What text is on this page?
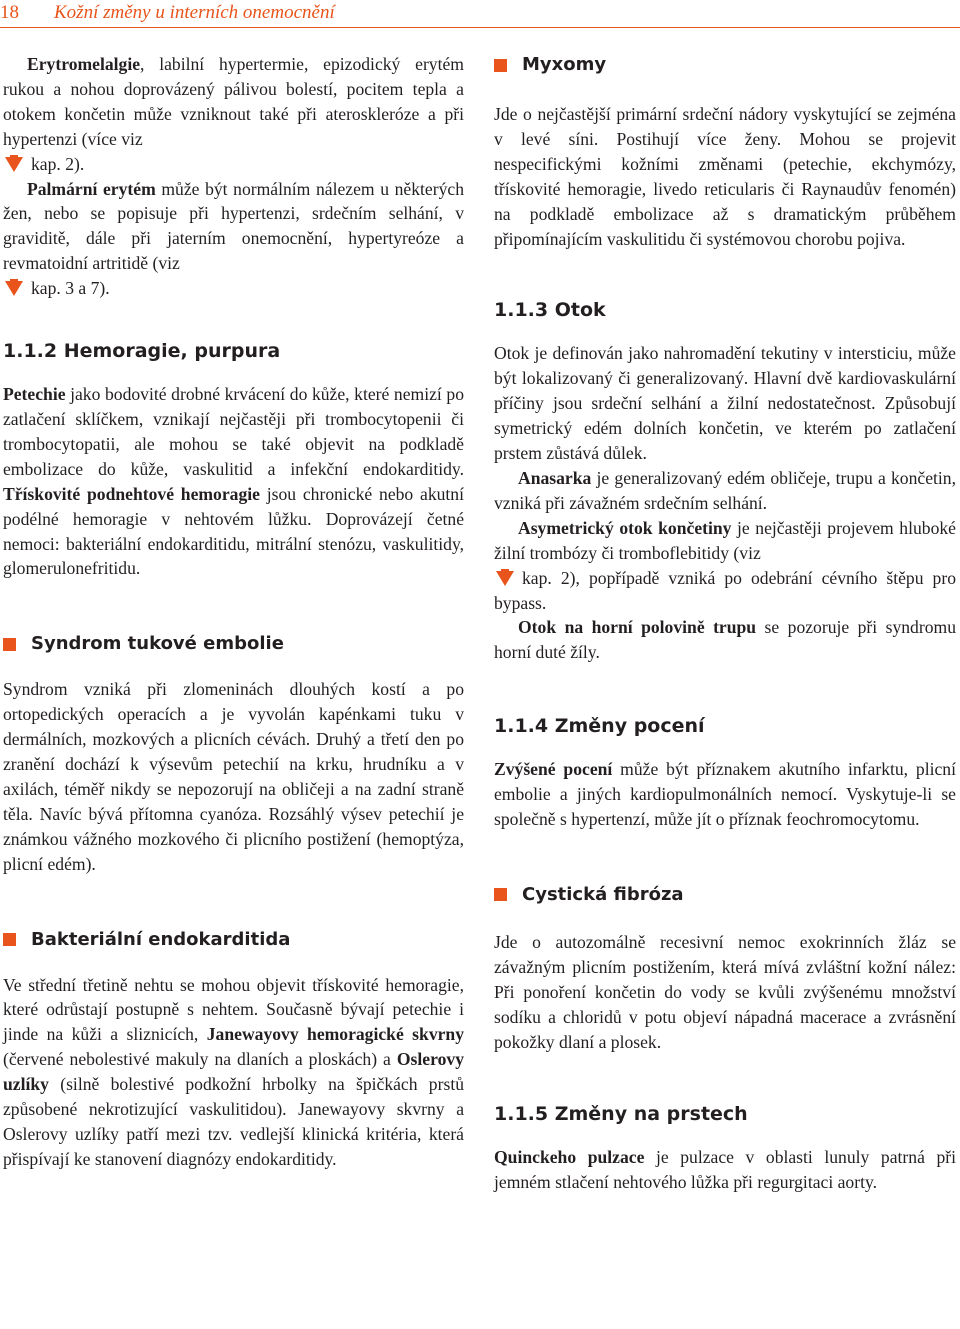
18	Kožní změny u interních onemocnění

Erytromelalgie, labilní hypertermie, epizodický erytém rukou a nohou doprovázený pálivou bolestí, pocitem tepla a otokem končetin může vzniknout také při ateroskleróze a při hypertenzi (více viz
kap. 2).

Palmární erytém může být normálním nálezem u některých žen, nebo se popisuje při hypertenzi, srdečním selhání, v graviditě, dále při jaterním onemocnění, hypertyreóze a revmatoidní artritidě (viz
kap. 3 a 7).

1.1.2 Hemoragie, purpura

Petechie jako bodovité drobné krvácení do kůže, které nemizí po zatlačení sklíčkem, vznikají nejčastěji při trombocytopenii či trombocytopatii, ale mohou se také objevit na podkladě embolizace do kůže, vaskulitid a infekční endokarditidy. Třískovité podnehtové hemoragie jsou chronické nebo akutní podélné hemoragie v nehtovém lůžku. Doprovázejí četné nemoci: bakteriální endokarditidu, mitrální stenózu, vaskulitidy, glomerulonefritidu.

Syndrom tukové embolie

Syndrom vzniká při zlomeninách dlouhých kostí a po ortopedických operacích a je vyvolán kapénkami tuku v dermálních, mozkových a plicních cévách. Druhý a třetí den po zranění dochází k výsevům petechií na krku, hrudníku a v axilách, téměř nikdy se nepozorují na obličeji a na zadní straně těla. Navíc bývá přítomna cyanóza. Rozsáhlý výsev petechií je známkou vážného mozkového či plicního postižení (hemoptýza, plicní edém).

Bakteriální endokarditida

Ve střední třetině nehtu se mohou objevit třískovité hemoragie, které odrůstají postupně s nehtem. Současně bývají petechie i jinde na kůži a sliznicích, Janewayovy hemoragické skvrny (červené nebolestivé makuly na dlaních a ploskách) a Oslerovy uzlíky (silně bolestivé podkožní hrbolky na špičkách prstů způsobené nekrotizující vaskulitidou). Janewayovy skvrny a Oslerovy uzlíky patří mezi tzv. vedlejší klinická kritéria, která přispívají ke stanovení diagnózy endokarditidy.

Myxomy

Jde o nejčastější primární srdeční nádory vyskytující se zejména v levé síni. Postihují více ženy. Mohou se projevit nespecifickými kožními změnami (petechie, ekchymózy, třískovité hemoragie, livedo reticularis či Raynaudův fenomén) na podkladě embolizace až s dramatickým průběhem připomínajícím vaskulitidu či systémovou chorobu pojiva.

1.1.3 Otok

Otok je definován jako nahromadění tekutiny v intersticiu, může být lokalizovaný či generalizovaný. Hlavní dvě kardiovaskulární příčiny jsou srdeční selhání a žilní nedostatečnost. Způsobují symetrický edém dolních končetin, ve kterém po zatlačení prstem zůstává důlek.

Anasarka je generalizovaný edém obličeje, trupu a končetin, vzniká při závažném srdečním selhání.

Asymetrický otok končetiny je nejčastěji projevem hluboké žilní trombózy či tromboflebitidy (viz
kap. 2), popřípadě vzniká po odebrání cévního štěpu pro bypass.

Otok na horní polovině trupu se pozoruje při syndromu horní duté žíly.

1.1.4 Změny pocení

Zvýšené pocení může být příznakem akutního infarktu, plicní embolie a jiných kardiopulmonálních nemocí. Vyskytuje-li se společně s hypertenzí, může jít o příznak feochromocytomu.

Cystická fibróza

Jde o autozomálně recesivní nemoc exokrinních žláz se závažným plicním postižením, která mívá zvláštní kožní nález: Při ponoření končetin do vody se kvůli zvýšenému množství sodíku a chloridů v potu objeví nápadná macerace a zvrásnění pokožky dlaní a plosek.

1.1.5 Změny na prstech

Quinckeho pulzace je pulzace v oblasti lunuly patrná při jemném stlačení nehtového lůžka při regurgitaci aorty.
